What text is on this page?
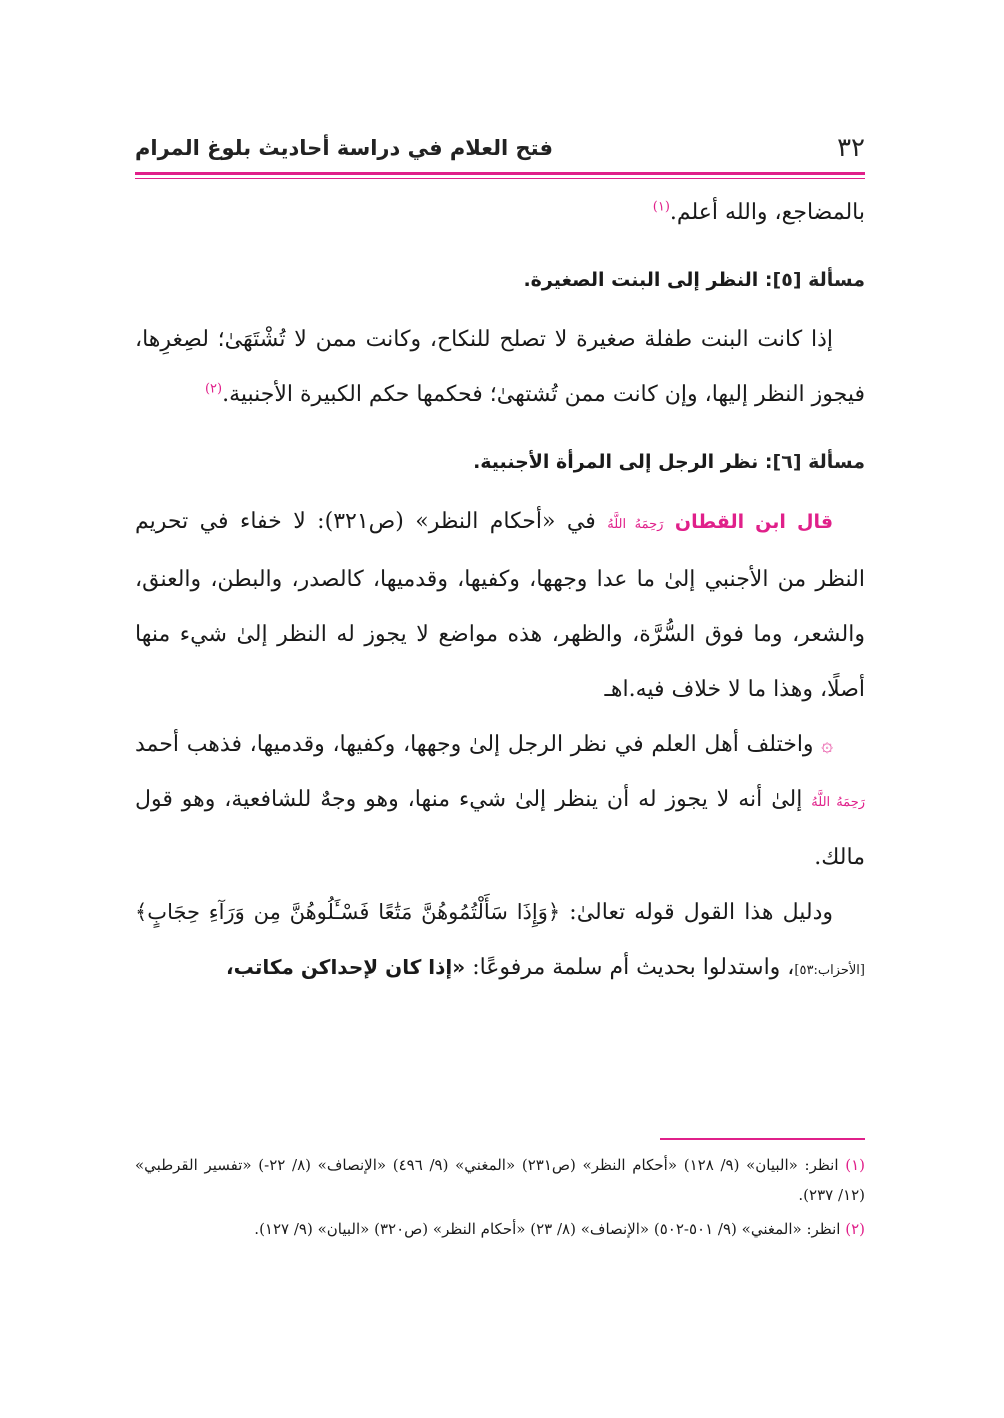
٣٢
فتح العلام في دراسة أحاديث بلوغ المرام

بالمضاجع، والله أعلم.$^{(١)}$

مسألة [٥]: النظر إلى البنت الصغيرة.

إذا كانت البنت طفلة صغيرة لا تصلح للنكاح، وكانت ممن لا تُشْتَهَىٰ؛ لصِغرِها، فيجوز النظر إليها، وإن كانت ممن تُشتهىٰ؛ فحكمها حكم الكبيرة الأجنبية.$^{(٢)}$

مسألة [٦]: نظر الرجل إلى المرأة الأجنبية.

قال ابن القطان رَحِمَهُ اللَّهُ في «أحكام النظر» (ص٣٢١): لا خفاء في تحريم النظر من الأجنبي إلىٰ ما عدا وجهها، وكفيها، وقدميها، كالصدر، والبطن، والعنق، والشعر، وما فوق السُّرَّة، والظهر، هذه مواضع لا يجوز له النظر إلىٰ شيء منها أصلًا، وهذا ما لا خلاف فيه.اهـ

۞ واختلف أهل العلم في نظر الرجل إلىٰ وجهها، وكفيها، وقدميها، فذهب أحمد رَحِمَهُ اللَّهُ إلىٰ أنه لا يجوز له أن ينظر إلىٰ شيء منها، وهو وجهٌ للشافعية، وهو قول مالك.

ودليل هذا القول قوله تعالىٰ: ﴿وَإِذَا سَأَلْتُمُوهُنَّ مَتَٰعًا فَسْـَٔلُوهُنَّ مِن وَرَآءِ حِجَابٍ﴾ [الأحزاب:٥٣]، واستدلوا بحديث أم سلمة مرفوعًا: «إذا كان لإحداكن مكاتب،

(١) انظر: «البيان» (٩/ ١٢٨) «أحكام النظر» (ص٢٣١) «المغني» (٩/ ٤٩٦) «الإنصاف» (٨/ ٢٢-) «تفسير القرطبي» (١٢/ ٢٣٧).

(٢) انظر: «المغني» (٩/ ٥٠١-٥٠٢) «الإنصاف» (٨/ ٢٣) «أحكام النظر» (ص٣٢٠) «البيان» (٩/ ١٢٧).
